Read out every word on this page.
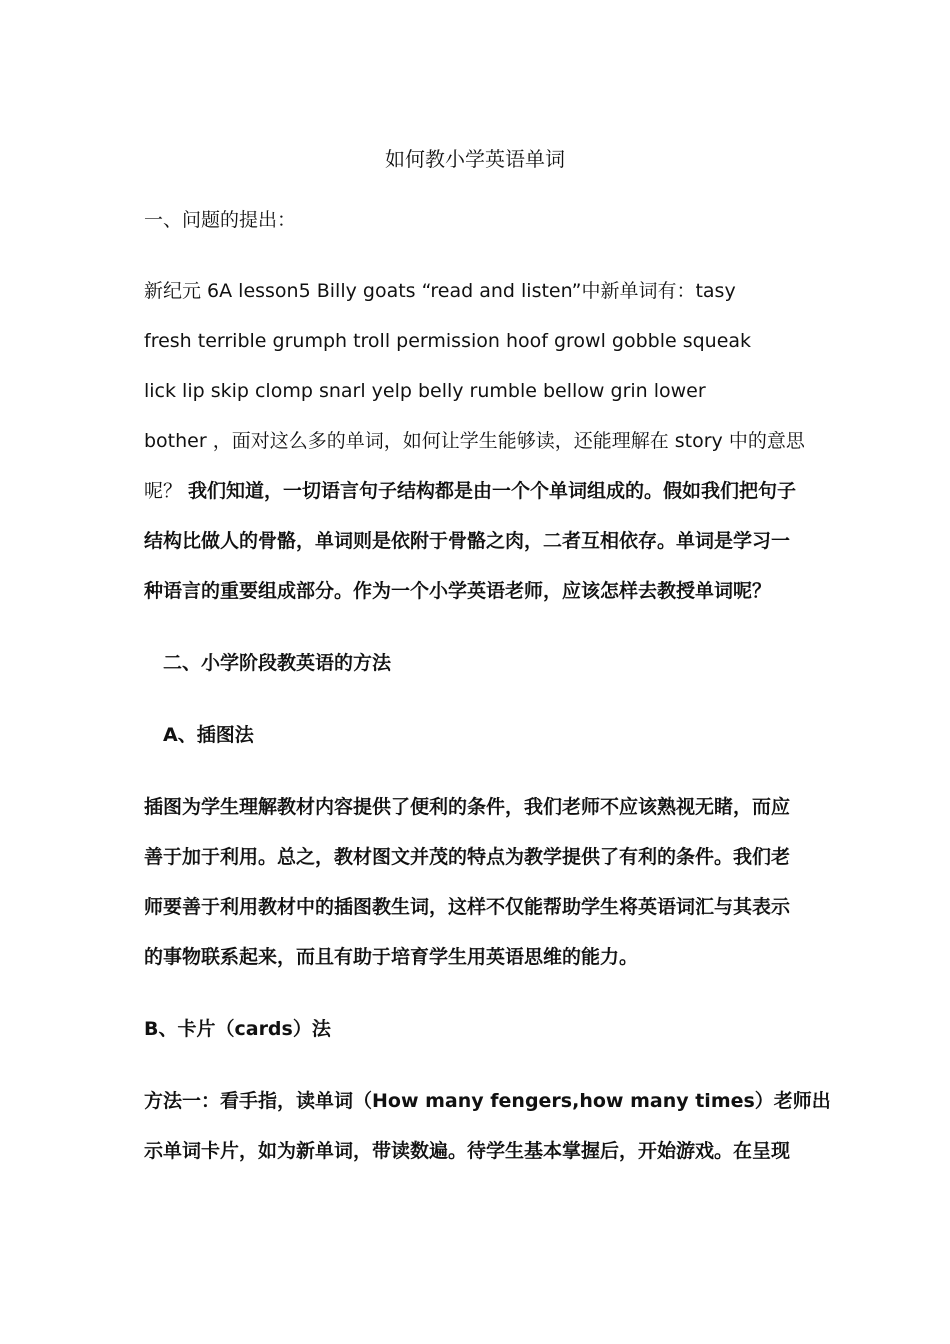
如何教小学英语单词
一、问题的提出：
新纪元 6A lesson5 Billy goats “read and listen”中新单词有：tasy
fresh terrible grumph troll permission hoof growl gobble squeak
lick lip skip clomp snarl yelp belly rumble bellow grin lower
bother ，面对这么多的单词，如何让学生能够读，还能理解在 story 中的意思
呢？ 我们知道，一切语言句子结构都是由一个个单词组成的。假如我们把句子
结构比做人的骨骼，单词则是依附于骨骼之肉，二者互相依存。单词是学习一
种语言的重要组成部分。作为一个小学英语老师，应该怎样去教授单词呢？
二、小学阶段教英语的方法
A、插图法
插图为学生理解教材内容提供了便利的条件，我们老师不应该熟视无睹，而应
善于加于利用。总之，教材图文并茂的特点为教学提供了有利的条件。我们老
师要善于利用教材中的插图教生词，这样不仅能帮助学生将英语词汇与其表示
的事物联系起来，而且有助于培育学生用英语思维的能力。
B、卡片（cards）法
方法一：看手指，读单词（How many fengers,how many times）老师出
示单词卡片，如为新单词，带读数遍。待学生基本掌握后，开始游戏。在呈现
